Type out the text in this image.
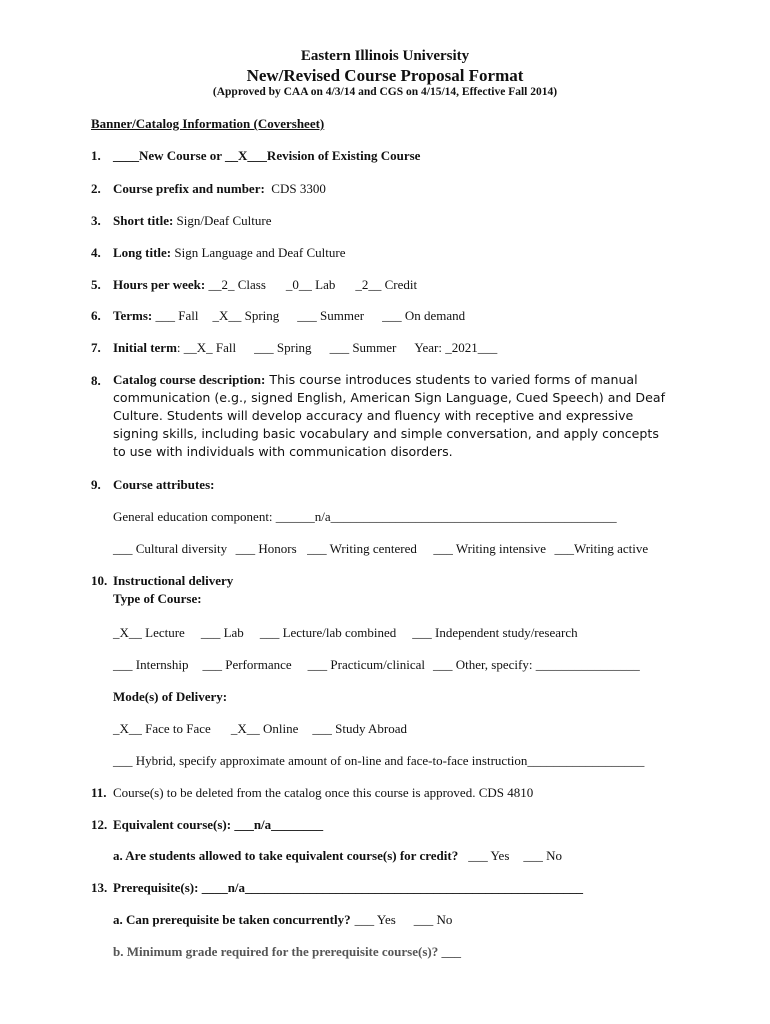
Eastern Illinois University
New/Revised Course Proposal Format
(Approved by CAA on 4/3/14 and CGS on 4/15/14, Effective Fall 2014)
Banner/Catalog Information (Coversheet)
1. ____New Course or __X___Revision of Existing Course
2. Course prefix and number: CDS 3300
3. Short title: Sign/Deaf Culture
4. Long title: Sign Language and Deaf Culture
5. Hours per week: __2_ Class _0__ Lab _2__ Credit
6. Terms: ___ Fall _X__ Spring ___ Summer ___ On demand
7. Initial term: __X_ Fall ___ Spring ___ Summer Year: _2021___
8. Catalog course description: This course introduces students to varied forms of manual communication (e.g., signed English, American Sign Language, Cued Speech) and Deaf Culture. Students will develop accuracy and fluency with receptive and expressive signing skills, including basic vocabulary and simple conversation, and apply concepts to use with individuals with communication disorders.
9. Course attributes:
General education component: ______n/a____________________________________________
___ Cultural diversity ___ Honors ___ Writing centered ___ Writing intensive ___Writing active
10. Instructional delivery
Type of Course:
_X__ Lecture ___ Lab ___ Lecture/lab combined ___ Independent study/research
___ Internship ___ Performance ___ Practicum/clinical ___ Other, specify: ________________
Mode(s) of Delivery:
_X__ Face to Face _X__ Online ___ Study Abroad
___ Hybrid, specify approximate amount of on-line and face-to-face instruction__________________
11. Course(s) to be deleted from the catalog once this course is approved. CDS 4810
12. Equivalent course(s): ___n/a________
a. Are students allowed to take equivalent course(s) for credit? ___ Yes ___ No
13. Prerequisite(s): ____n/a____________________________________________________
a. Can prerequisite be taken concurrently? ___ Yes ___ No
b. Minimum grade required for the prerequisite course(s)? ___
